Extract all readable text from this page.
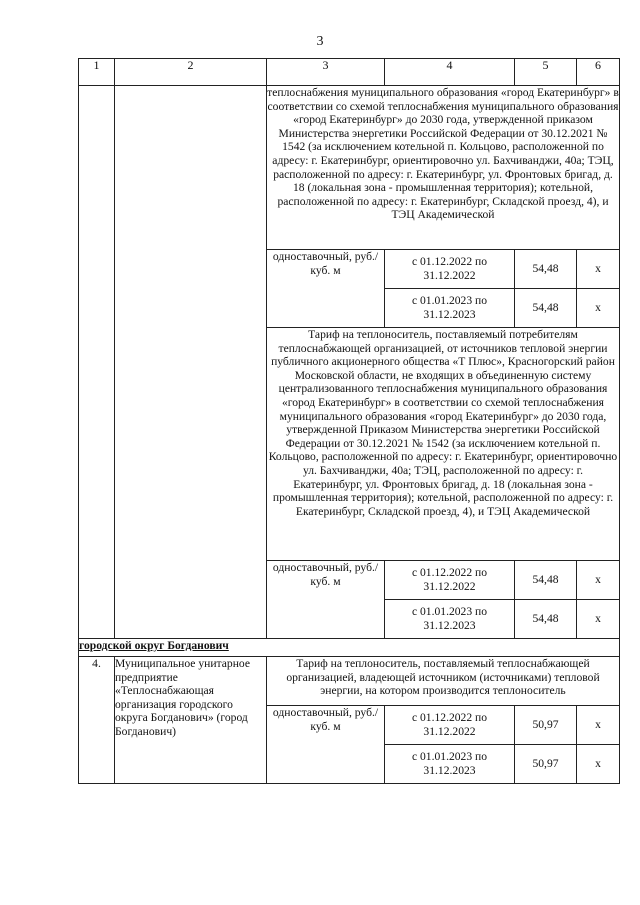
3
1	2	3	4	5	6
		теплоснабжения муниципального образования «город Екатеринбург» в соответствии со схемой теплоснабжения муниципального образования «город Екатеринбург» до 2030 года, утвержденной приказом Министерства энергетики Российской Федерации от 30.12.2021 № 1542 (за исключением котельной п. Кольцово, расположенной по адресу: г. Екатеринбург, ориентировочно ул. Бахчиванджи, 40а; ТЭЦ, расположенной по адресу: г. Екатеринбург, ул. Фронтовых бригад, д. 18 (локальная зона - промышленная территория); котельной, расположенной по адресу: г. Екатеринбург, Складской проезд, 4), и ТЭЦ Академической			
		одноставочный, руб./куб. м	с 01.12.2022 по 31.12.2022	54,48	х
			с 01.01.2023 по 31.12.2023	54,48	х
		Тариф на теплоноситель, поставляемый потребителям теплоснабжающей организацией, от источников тепловой энергии публичного акционерного общества «Т Плюс», Красногорский район Московской области, не входящих в объединенную систему централизованного теплоснабжения муниципального образования «город Екатеринбург» в соответствии со схемой теплоснабжения муниципального образования «город Екатеринбург» до 2030 года, утвержденной Приказом Министерства энергетики Российской Федерации от 30.12.2021 № 1542 (за исключением котельной п. Кольцово, расположенной по адресу: г. Екатеринбург, ориентировочно ул. Бахчиванджи, 40а; ТЭЦ, расположенной по адресу: г. Екатеринбург, ул. Фронтовых бригад, д. 18 (локальная зона - промышленная территория); котельной, расположенной по адресу: г. Екатеринбург, Складской проезд, 4), и ТЭЦ Академической			
		одноставочный, руб./куб. м	с 01.12.2022 по 31.12.2022	54,48	х
			с 01.01.2023 по 31.12.2023	54,48	х
городской округ Богданович					
4.	Муниципальное унитарное предприятие «Теплоснабжающая организация городского округа Богданович» (город Богданович)	Тариф на теплоноситель, поставляемый теплоснабжающей организацией, владеющей источником (источниками) тепловой энергии, на котором производится теплоноситель			
		одноставочный, руб./куб. м	с 01.12.2022 по 31.12.2022	50,97	х
			с 01.01.2023 по 31.12.2023	50,97	х
